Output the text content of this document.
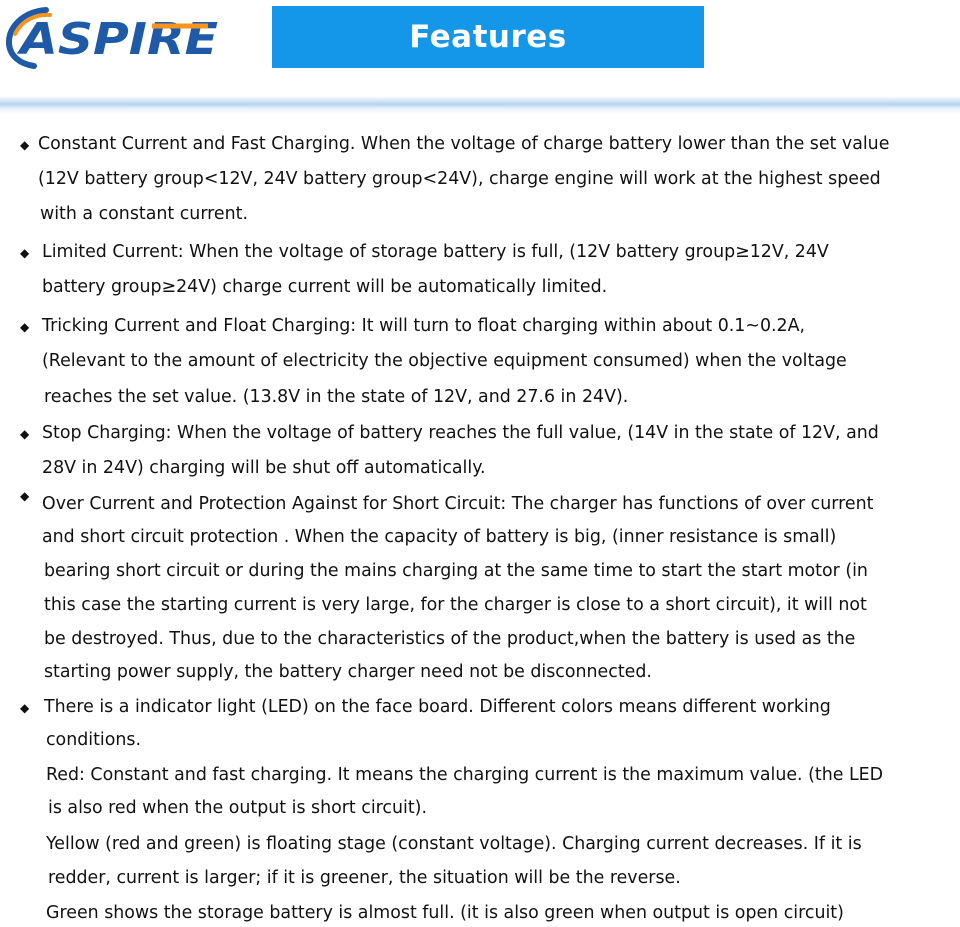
ASPIRE	Features
◆ Constant Current and Fast Charging. When the voltage of charge battery lower than the set value
(12V battery group<12V, 24V battery group<24V), charge engine will work at the highest speed
with a constant current.
◆ Limited Current: When the voltage of storage battery is full, (12V battery group≥12V, 24V
battery group≥24V) charge current will be automatically limited.
◆ Tricking Current and Float Charging: It will turn to float charging within about 0.1~0.2A,
(Relevant to the amount of electricity the objective equipment consumed) when the voltage
reaches the set value. (13.8V in the state of 12V, and 27.6 in 24V).
◆ Stop Charging: When the voltage of battery reaches the full value, (14V in the state of 12V, and
28V in 24V) charging will be shut off automatically.
◆ Over Current and Protection Against for Short Circuit: The charger has functions of over current
and short circuit protection . When the capacity of battery is big, (inner resistance is small)
bearing short circuit or during the mains charging at the same time to start the start motor (in
this case the starting current is very large, for the charger is close to a short circuit), it will not
be destroyed. Thus, due to the characteristics of the product,when the battery is used as the
starting power supply, the battery charger need not be disconnected.
◆ There is a indicator light (LED) on the face board. Different colors means different working
conditions.
Red: Constant and fast charging. It means the charging current is the maximum value. (the LED
is also red when the output is short circuit).
Yellow (red and green) is floating stage (constant voltage). Charging current decreases. If it is
redder, current is larger; if it is greener, the situation will be the reverse.
Green shows the storage battery is almost full. (it is also green when output is open circuit)
